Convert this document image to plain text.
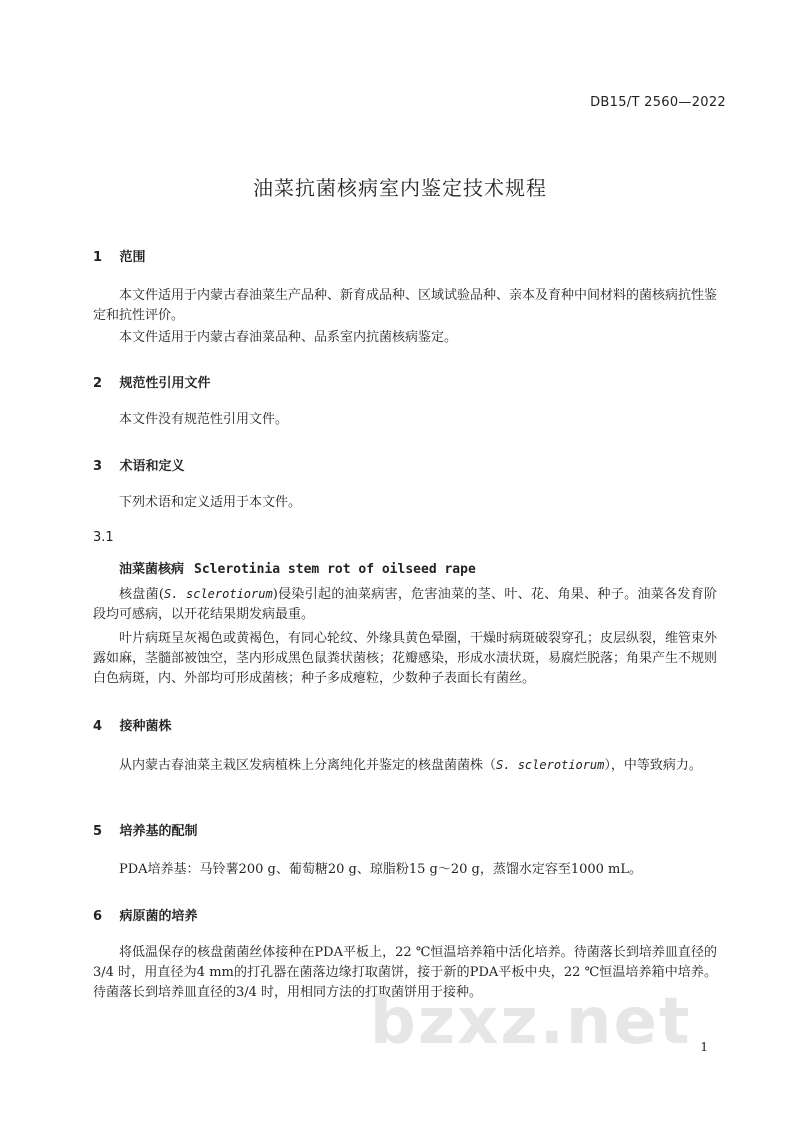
DB15/T 2560—2022
油菜抗菌核病室内鉴定技术规程
1 范围
本文件适用于内蒙古春油菜生产品种、新育成品种、区域试验品种、亲本及育种中间材料的菌核病抗性鉴定和抗性评价。
本文件适用于内蒙古春油菜品种、品系室内抗菌核病鉴定。
2 规范性引用文件
本文件没有规范性引用文件。
3 术语和定义
下列术语和定义适用于本文件。
3.1
油菜菌核病 Sclerotinia stem rot of oilseed rape
核盘菌(S. sclerotiorum)侵染引起的油菜病害，危害油菜的茎、叶、花、角果、种子。油菜各发育阶段均可感病，以开花结果期发病最重。
叶片病斑呈灰褐色或黄褐色，有同心轮纹、外缘具黄色晕圈，干燥时病斑破裂穿孔；皮层纵裂，维管束外露如麻，茎髓部被蚀空，茎内形成黑色鼠粪状菌核；花瓣感染，形成水渍状斑，易腐烂脱落；角果产生不规则白色病斑，内、外部均可形成菌核；种子多成瘪粒，少数种子表面长有菌丝。
4 接种菌株
从内蒙古春油菜主栽区发病植株上分离纯化并鉴定的核盘菌菌株（S. sclerotiorum），中等致病力。
5 培养基的配制
PDA培养基：马铃薯200 g、葡萄糖20 g、琼脂粉15 g～20 g，蒸馏水定容至1000 mL。
6 病原菌的培养
将低温保存的核盘菌菌丝体接种在PDA平板上，22 ℃恒温培养箱中活化培养。待菌落长到培养皿直径的3/4 时，用直径为4 mm的打孔器在菌落边缘打取菌饼，接于新的PDA平板中央，22 ℃恒温培养箱中培养。待菌落长到培养皿直径的3/4 时，用相同方法的打取菌饼用于接种。
bzxz.net 1
